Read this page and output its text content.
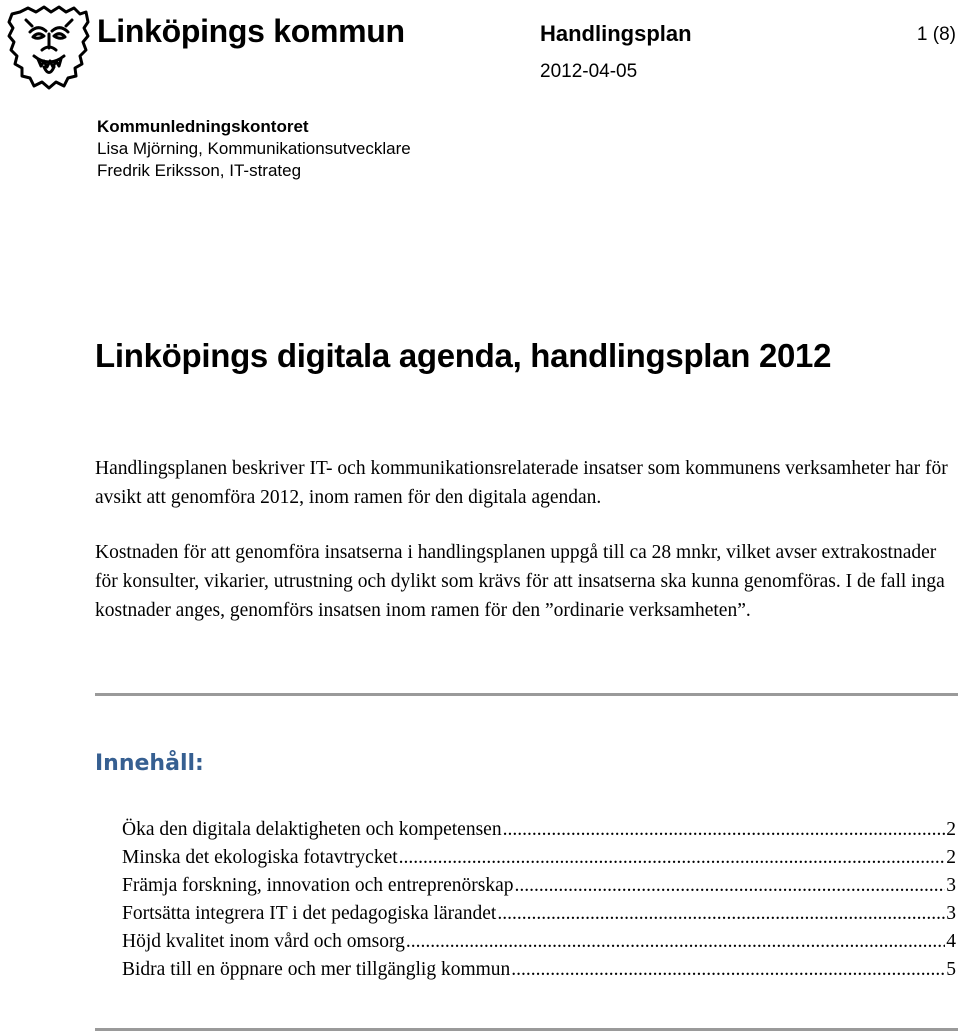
Linköpings kommun	Handlingsplan
2012-04-05
1 (8)
Kommunledningskontoret
Lisa Mjörning, Kommunikationsutvecklare
Fredrik Eriksson, IT-strateg
Linköpings digitala agenda, handlingsplan 2012

Handlingsplanen beskriver IT- och kommunikationsrelaterade insatser som kommunens verksamheter har för avsikt att genomföra 2012, inom ramen för den digitala agendan.

Kostnaden för att genomföra insatserna i handlingsplanen uppgå till ca 28 mnkr, vilket avser extrakostnader för konsulter, vikarier, utrustning och dylikt som krävs för att insatserna ska kunna genomföras. I de fall inga kostnader anges, genomförs insatsen inom ramen för den ”ordinarie verksamheten”.

Innehåll:
Öka den digitala delaktigheten och kompetensen .....	2
Minska det ekologiska fotavtrycket .....	2
Främja forskning, innovation och entreprenörskap .....	3
Fortsätta integrera IT i det pedagogiska lärandet .....	3
Höjd kvalitet inom vård och omsorg .....	4
Bidra till en öppnare och mer tillgänglig kommun .....	5
